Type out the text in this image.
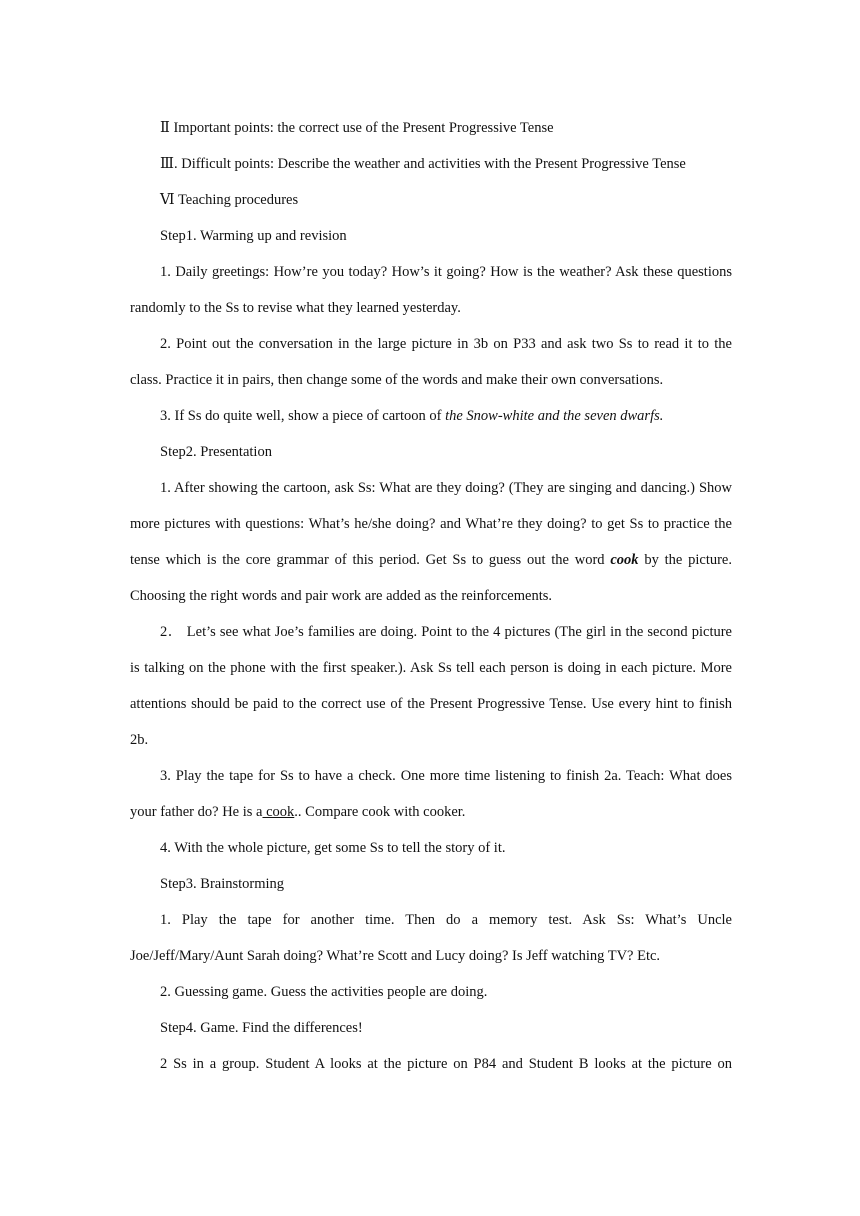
Ⅱ Important points: the correct use of the Present Progressive Tense

Ⅲ. Difficult points: Describe the weather and activities with the Present Progressive Tense

Ⅵ Teaching procedures

Step1. Warming up and revision

1. Daily greetings: How’re you today? How’s it going? How is the weather? Ask these questions randomly to the Ss to revise what they learned yesterday.

2. Point out the conversation in the large picture in 3b on P33 and ask two Ss to read it to the class. Practice it in pairs, then change some of the words and make their own conversations.

3. If Ss do quite well, show a piece of cartoon of the Snow-white and the seven dwarfs.

Step2. Presentation

1. After showing the cartoon, ask Ss: What are they doing? (They are singing and dancing.) Show more pictures with questions: What’s he/she doing? and What’re they doing? to get Ss to practice the tense which is the core grammar of this period. Get Ss to guess out the word cook by the picture. Choosing the right words and pair work are added as the reinforcements.

2． Let’s see what Joe’s families are doing. Point to the 4 pictures (The girl in the second picture is talking on the phone with the first speaker.). Ask Ss tell each person is doing in each picture. More attentions should be paid to the correct use of the Present Progressive Tense. Use every hint to finish 2b.

3. Play the tape for Ss to have a check. One more time listening to finish 2a. Teach: What does your father do? He is a cook.. Compare cook with cooker.

4. With the whole picture, get some Ss to tell the story of it.

Step3. Brainstorming

1. Play the tape for another time. Then do a memory test. Ask Ss: What’s Uncle Joe/Jeff/Mary/Aunt Sarah doing? What’re Scott and Lucy doing? Is Jeff watching TV? Etc.

2. Guessing game. Guess the activities people are doing.

Step4. Game. Find the differences!

2 Ss in a group. Student A looks at the picture on P84 and Student B looks at the picture on
